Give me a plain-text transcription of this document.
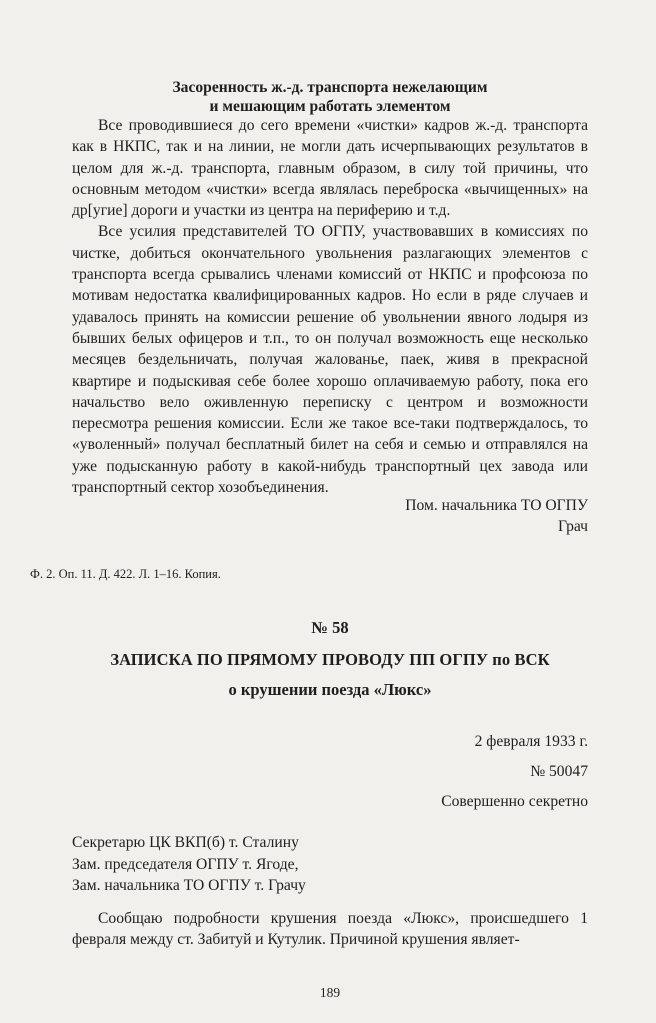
Засоренность ж.-д. транспорта нежелающим
и мешающим работать элементом

Все проводившиеся до сего времени «чистки» кадров ж.-д. транспорта как в НКПС, так и на линии, не могли дать исчерпывающих результатов в целом для ж.-д. транспорта, главным образом, в силу той причины, что основным методом «чистки» всегда являлась переброска «вычищенных» на др[угие] дороги и участки из центра на периферию и т.д.

Все усилия представителей ТО ОГПУ, участвовавших в комиссиях по чистке, добиться окончательного увольнения разлагающих элементов с транспорта всегда срывались членами комиссий от НКПС и профсоюза по мотивам недостатка квалифицированных кадров. Но если в ряде случаев и удавалось принять на комиссии решение об увольнении явного лодыря из бывших белых офицеров и т.п., то он получал возможность еще несколько месяцев бездельничать, получая жалованье, паек, живя в прекрасной квартире и подыскивая себе более хорошо оплачиваемую работу, пока его начальство вело оживленную переписку с центром и возможности пересмотра решения комиссии. Если же такое все-таки подтверждалось, то «уволенный» получал бесплатный билет на себя и семью и отправлялся на уже подысканную работу в какой-нибудь транспортный цех завода или транспортный сектор хозобъединения.

Пом. начальника ТО ОГПУ
Грач
Ф. 2. Оп. 11. Д. 422. Л. 1–16. Копия.
№ 58
ЗАПИСКА ПО ПРЯМОМУ ПРОВОДУ ПП ОГПУ по ВСК
о крушении поезда «Люкс»
2 февраля 1933 г.
№ 50047
Совершенно секретно
Секретарю ЦК ВКП(б) т. Сталину
Зам. председателя ОГПУ т. Ягоде,
Зам. начальника ТО ОГПУ т. Грачу

Сообщаю подробности крушения поезда «Люкс», происшедшего 1 февраля между ст. Забитуй и Кутулик. Причиной крушения являет-

189
